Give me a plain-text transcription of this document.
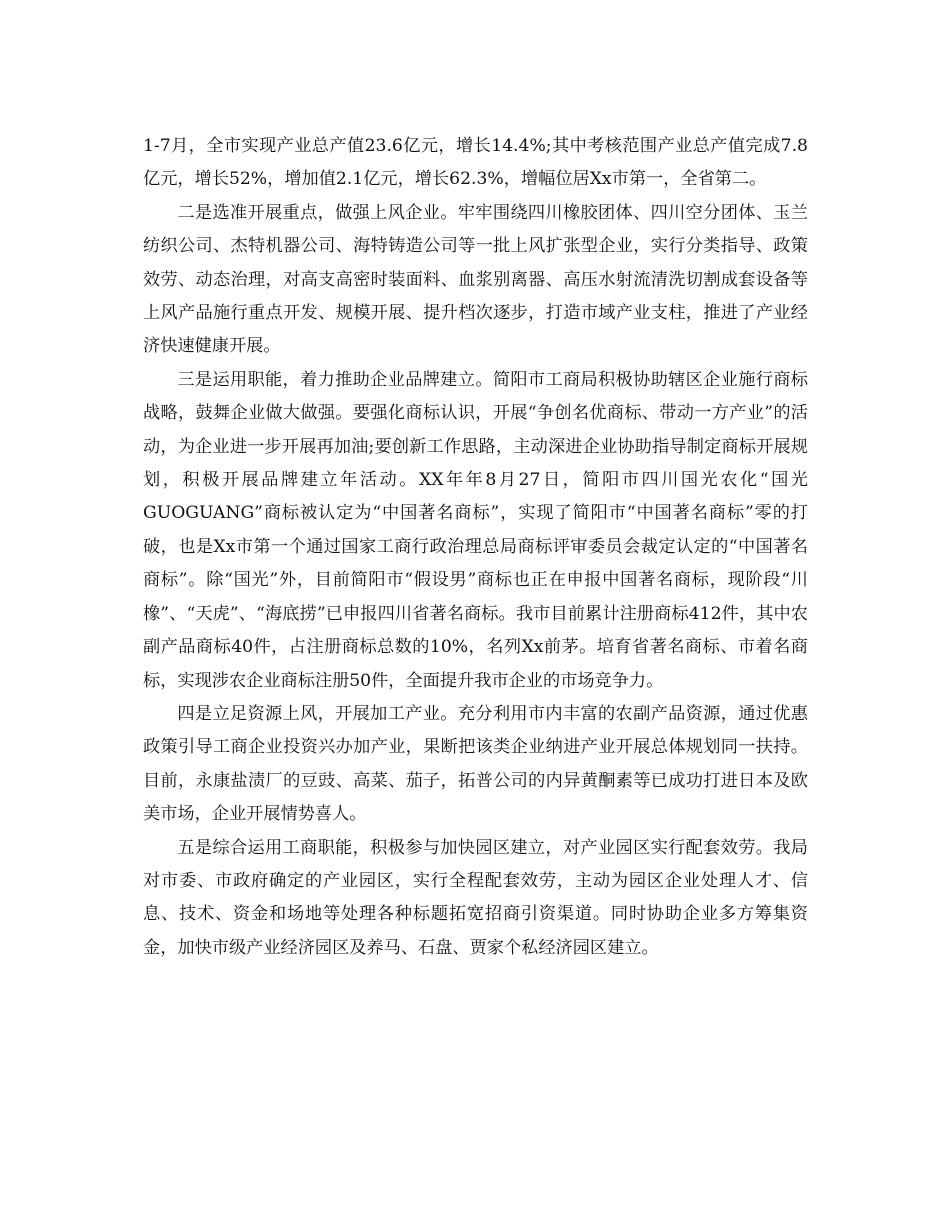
1-7月，全市实现产业总产值23.6亿元，增长14.4%;其中考核范围产业总产值完成7.8亿元，增长52%，增加值2.1亿元，增长62.3%，增幅位居Xx市第一，全省第二。

二是选准开展重点，做强上风企业。牢牢围绕四川橡胶团体、四川空分团体、玉兰纺织公司、杰特机器公司、海特铸造公司等一批上风扩张型企业，实行分类指导、政策效劳、动态治理，对高支高密时装面料、血浆别离器、高压水射流清洗切割成套设备等上风产品施行重点开发、规模开展、提升档次逐步，打造市域产业支柱，推进了产业经济快速健康开展。

三是运用职能，着力推助企业品牌建立。简阳市工商局积极协助辖区企业施行商标战略，鼓舞企业做大做强。要强化商标认识，开展“争创名优商标、带动一方产业”的活动，为企业进一步开展再加油;要创新工作思路，主动深进企业协助指导制定商标开展规划，积极开展品牌建立年活动。XX年年8月27日，简阳市四川国光农化“国光GUOGUANG”商标被认定为“中国著名商标”，实现了简阳市“中国著名商标”零的打破，也是Xx市第一个通过国家工商行政治理总局商标评审委员会裁定认定的“中国著名商标”。除“国光”外，目前简阳市“假设男”商标也正在申报中国著名商标，现阶段“川橡”、“天虎”、“海底捞”已申报四川省著名商标。我市目前累计注册商标412件，其中农副产品商标40件，占注册商标总数的10%，名列Xx前茅。培育省著名商标、市着名商标，实现涉农企业商标注册50件，全面提升我市企业的市场竞争力。

四是立足资源上风，开展加工产业。充分利用市内丰富的农副产品资源，通过优惠政策引导工商企业投资兴办加产业，果断把该类企业纳进产业开展总体规划同一扶持。目前，永康盐渍厂的豆豉、高菜、茄子，拓普公司的内异黄酮素等已成功打进日本及欧美市场，企业开展情势喜人。

五是综合运用工商职能，积极参与加快园区建立，对产业园区实行配套效劳。我局对市委、市政府确定的产业园区，实行全程配套效劳，主动为园区企业处理人才、信息、技术、资金和场地等处理各种标题拓宽招商引资渠道。同时协助企业多方筹集资金，加快市级产业经济园区及养马、石盘、贾家个私经济园区建立。
